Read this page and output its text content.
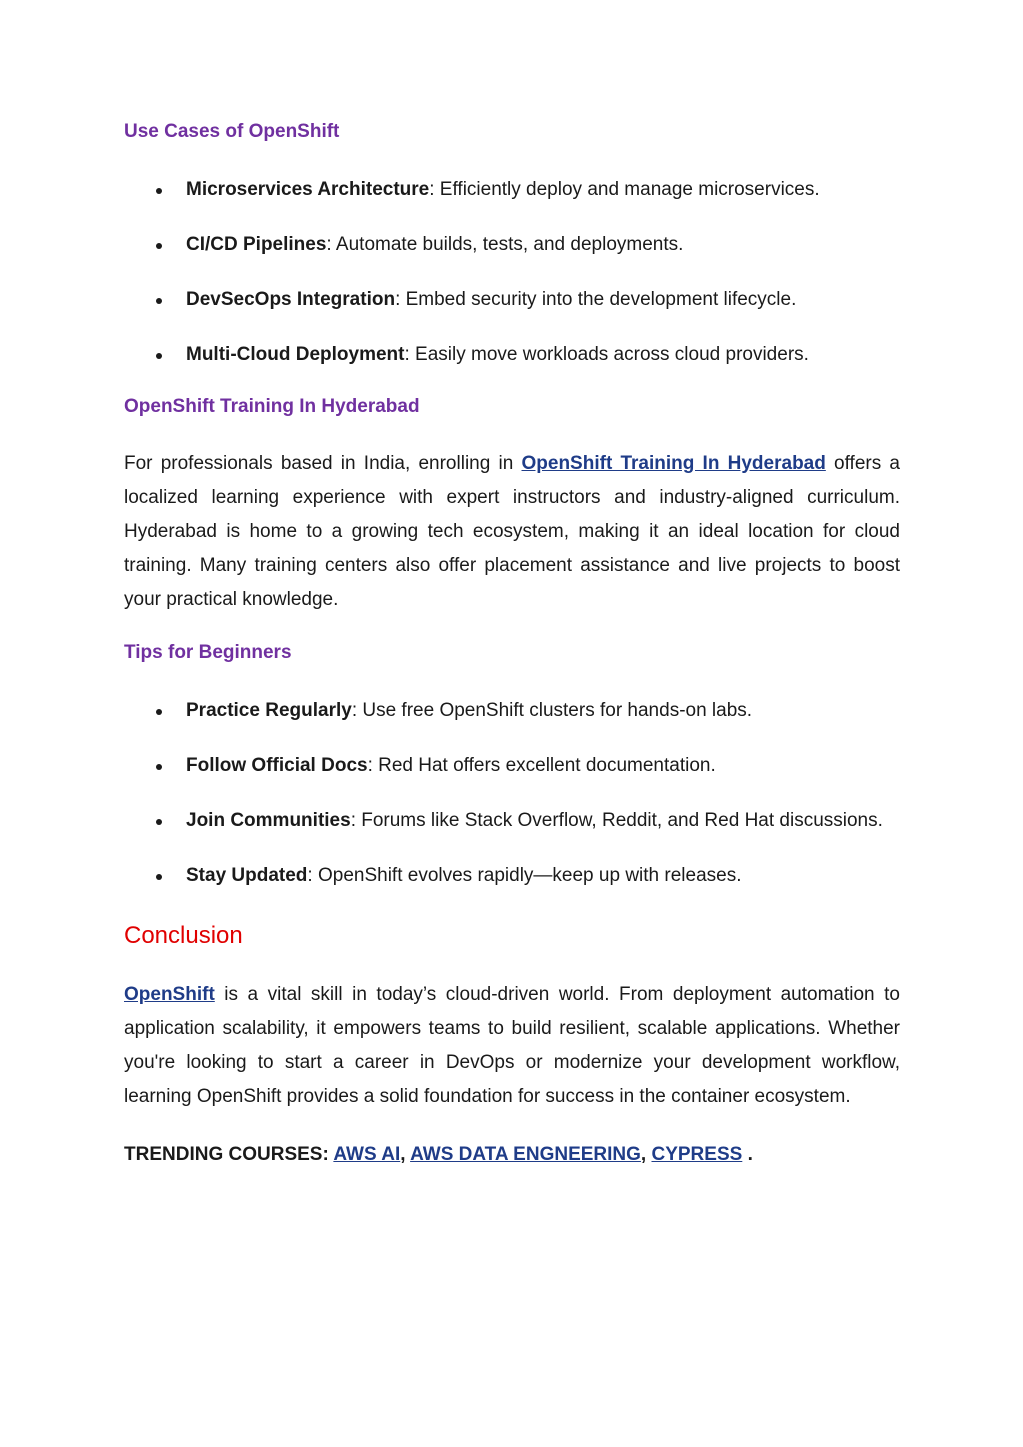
Use Cases of OpenShift
Microservices Architecture: Efficiently deploy and manage microservices.
CI/CD Pipelines: Automate builds, tests, and deployments.
DevSecOps Integration: Embed security into the development lifecycle.
Multi-Cloud Deployment: Easily move workloads across cloud providers.
OpenShift Training In Hyderabad

For professionals based in India, enrolling in OpenShift Training In Hyderabad offers a localized learning experience with expert instructors and industry-aligned curriculum. Hyderabad is home to a growing tech ecosystem, making it an ideal location for cloud training. Many training centers also offer placement assistance and live projects to boost your practical knowledge.

Tips for Beginners
Practice Regularly: Use free OpenShift clusters for hands-on labs.
Follow Official Docs: Red Hat offers excellent documentation.
Join Communities: Forums like Stack Overflow, Reddit, and Red Hat discussions.
Stay Updated: OpenShift evolves rapidly—keep up with releases.
Conclusion

OpenShift is a vital skill in today’s cloud-driven world. From deployment automation to application scalability, it empowers teams to build resilient, scalable applications. Whether you're looking to start a career in DevOps or modernize your development workflow, learning OpenShift provides a solid foundation for success in the container ecosystem.

TRENDING COURSES: AWS AI, AWS DATA ENGNEERING, CYPRESS .
